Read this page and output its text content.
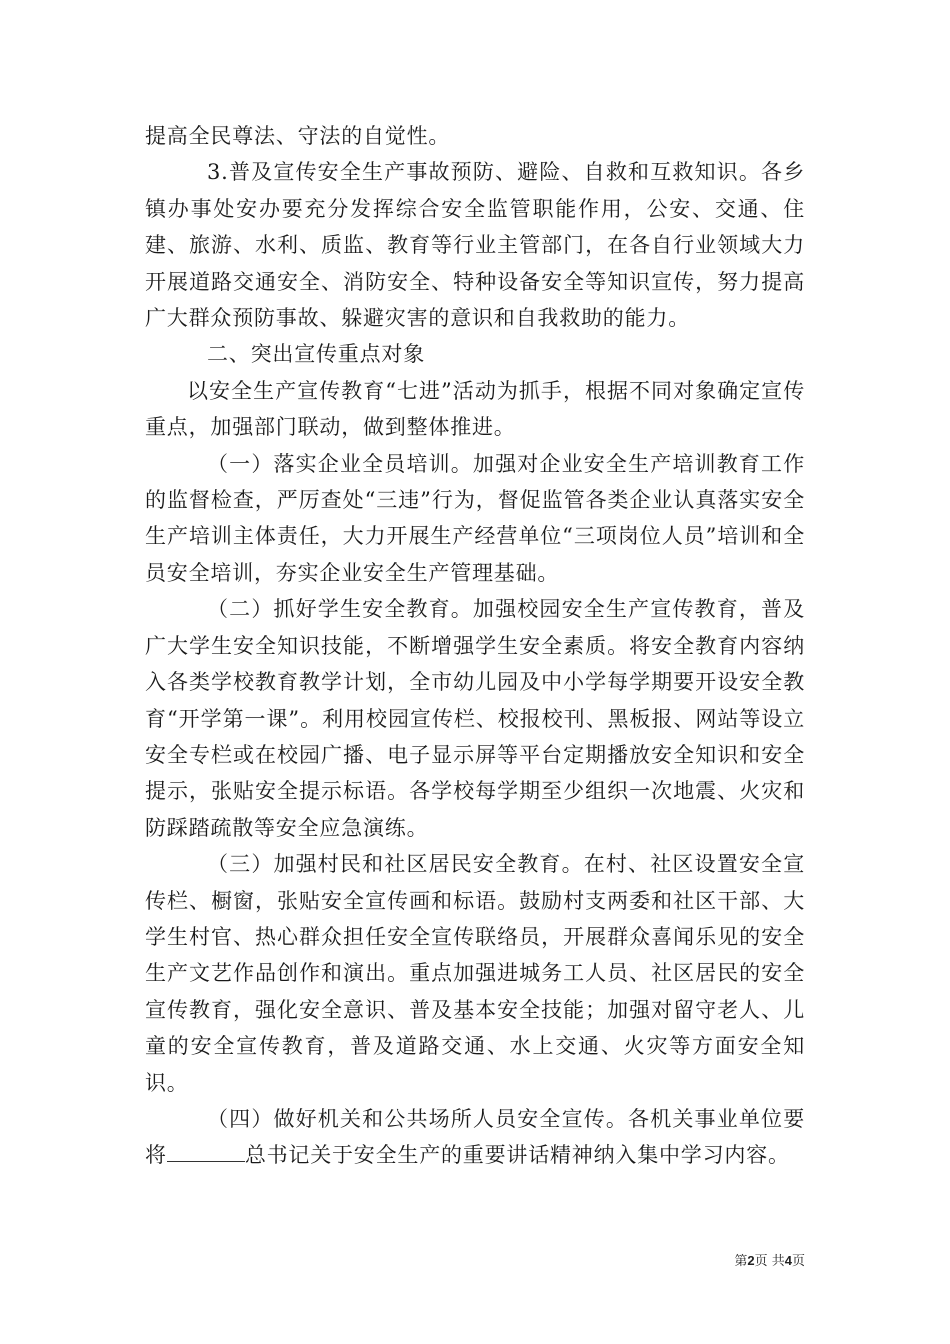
提高全民尊法、守法的自觉性。

3.普及宣传安全生产事故预防、避险、自救和互救知识。各乡镇办事处安办要充分发挥综合安全监管职能作用，公安、交通、住建、旅游、水利、质监、教育等行业主管部门，在各自行业领域大力开展道路交通安全、消防安全、特种设备安全等知识宣传，努力提高广大群众预防事故、躲避灾害的意识和自我救助的能力。

二、突出宣传重点对象

以安全生产宣传教育“七进”活动为抓手，根据不同对象确定宣传重点，加强部门联动，做到整体推进。

（一）落实企业全员培训。加强对企业安全生产培训教育工作的监督检查，严厉查处“三违”行为，督促监管各类企业认真落实安全生产培训主体责任，大力开展生产经营单位“三项岗位人员”培训和全员安全培训，夯实企业安全生产管理基础。

（二）抓好学生安全教育。加强校园安全生产宣传教育，普及广大学生安全知识技能，不断增强学生安全素质。将安全教育内容纳入各类学校教育教学计划，全市幼儿园及中小学每学期要开设安全教育“开学第一课”。利用校园宣传栏、校报校刊、黑板报、网站等设立安全专栏或在校园广播、电子显示屏等平台定期播放安全知识和安全提示，张贴安全提示标语。各学校每学期至少组织一次地震、火灾和防踩踏疏散等安全应急演练。

（三）加强村民和社区居民安全教育。在村、社区设置安全宣传栏、橱窗，张贴安全宣传画和标语。鼓励村支两委和社区干部、大学生村官、热心群众担任安全宣传联络员，开展群众喜闻乐见的安全生产文艺作品创作和演出。重点加强进城务工人员、社区居民的安全宣传教育，强化安全意识、普及基本安全技能；加强对留守老人、儿童的安全宣传教育，普及道路交通、水上交通、火灾等方面安全知识。

（四）做好机关和公共场所人员安全宣传。各机关事业单位要将	总书记关于安全生产的重要讲话精神纳入集中学习内容。

第2页 共4页
